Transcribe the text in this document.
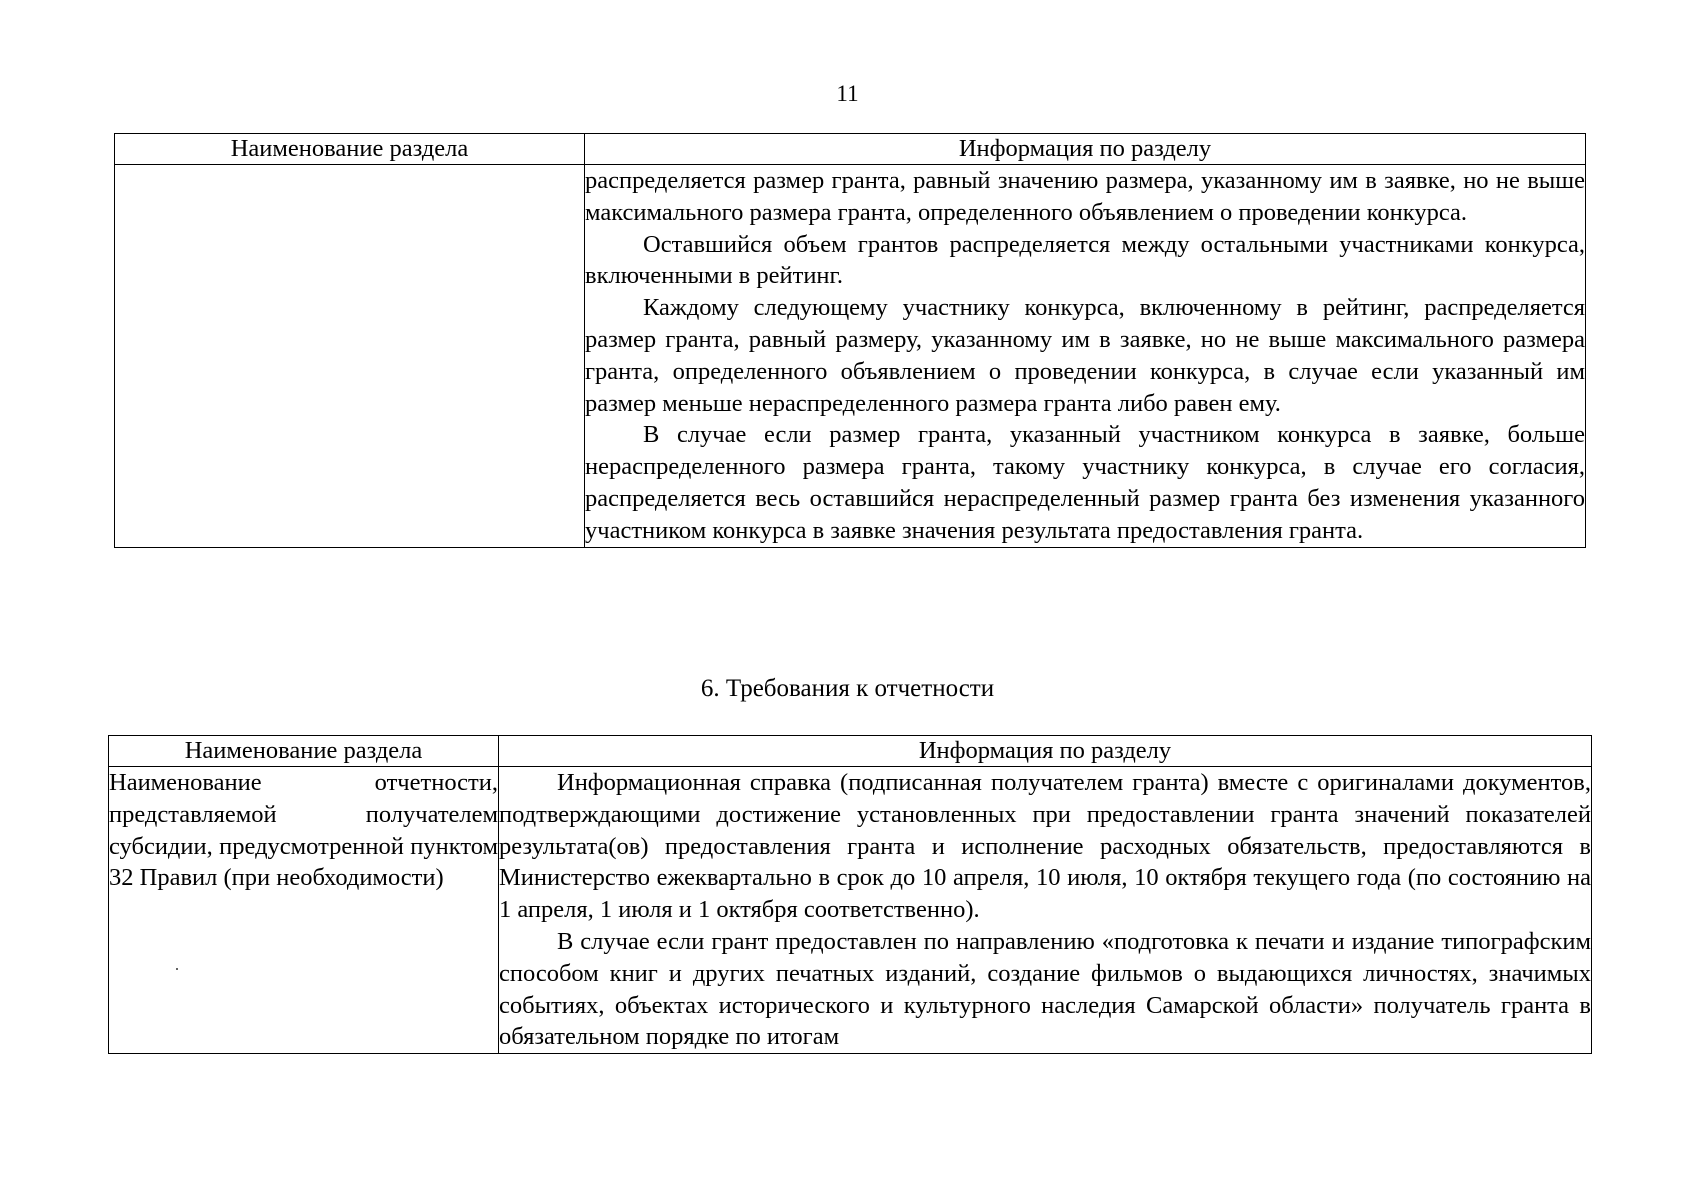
11
Наименование раздела	Информация по разделу

	распределяется размер гранта, равный значению размера, указанному им в заявке, но не выше максимального размера гранта, определенного объявлением о проведении конкурса.

Оставшийся объем грантов распределяется между остальными участниками конкурса, включенными в рейтинг.

Каждому следующему участнику конкурса, включенному в рейтинг, распределяется размер гранта, равный размеру, указанному им в заявке, но не выше максимального размера гранта, определенного объявлением о проведении конкурса, в случае если указанный им размер меньше нераспределенного размера гранта либо равен ему.

В случае если размер гранта, указанный участником конкурса в заявке, больше нераспределенного размера гранта, такому участнику конкурса, в случае его согласия, распределяется весь оставшийся нераспределенный размер гранта без изменения указанного участником конкурса в заявке значения результата предоставления гранта.

6. Требования к отчетности
Наименование раздела	Информация по разделу
Наименование отчетности, представляемой получателем субсидии, предусмотренной пунктом 32 Правил (при необходимости)	Информационная справка (подписанная получателем гранта) вместе с оригиналами документов, подтверждающими достижение установленных при предоставлении гранта значений показателей результата(ов) предоставления гранта и исполнение расходных обязательств, предоставляются в Министерство ежеквартально в срок до 10 апреля, 10 июля, 10 октября текущего года (по состоянию на 1 апреля, 1 июля и 1 октября соответственно).

В случае если грант предоставлен по направлению «подготовка к печати и издание типографским способом книг и других печатных изданий, создание фильмов о выдающихся личностях, значимых событиях, объектах исторического и культурного наследия Самарской области» получатель гранта в обязательном порядке по итогам
